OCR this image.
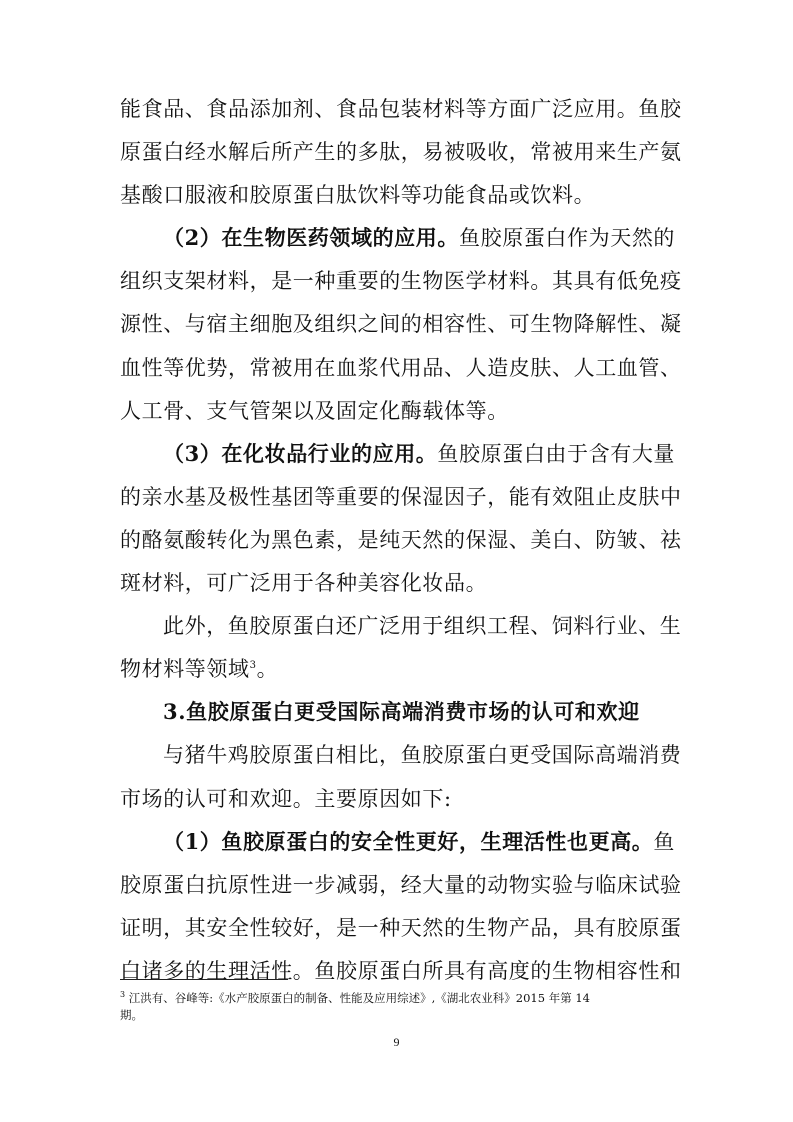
能食品、食品添加剂、食品包装材料等方面广泛应用。鱼胶
原蛋白经水解后所产生的多肽，易被吸收，常被用来生产氨
基酸口服液和胶原蛋白肽饮料等功能食品或饮料。
（2）在生物医药领域的应用。鱼胶原蛋白作为天然的
组织支架材料，是一种重要的生物医学材料。其具有低免疫
源性、与宿主细胞及组织之间的相容性、可生物降解性、凝
血性等优势，常被用在血浆代用品、人造皮肤、人工血管、
人工骨、支气管架以及固定化酶载体等。
（3）在化妆品行业的应用。鱼胶原蛋白由于含有大量
的亲水基及极性基团等重要的保湿因子，能有效阻止皮肤中
的酪氨酸转化为黑色素，是纯天然的保湿、美白、防皱、祛
斑材料，可广泛用于各种美容化妆品。
此外，鱼胶原蛋白还广泛用于组织工程、饲料行业、生
物材料等领域$^3$。
3.鱼胶原蛋白更受国际高端消费市场的认可和欢迎
与猪牛鸡胶原蛋白相比，鱼胶原蛋白更受国际高端消费
市场的认可和欢迎。主要原因如下:
（1）鱼胶原蛋白的安全性更好，生理活性也更高。鱼
胶原蛋白抗原性进一步减弱，经大量的动物实验与临床试验
证明，其安全性较好，是一种天然的生物产品，具有胶原蛋
白诸多的生理活性。鱼胶原蛋白所具有高度的生物相容性和
$^3$ 江洪有、谷峰等:《水产胶原蛋白的制备、性能及应用综述》,《湖北农业科》2015 年第 14
期。
9
